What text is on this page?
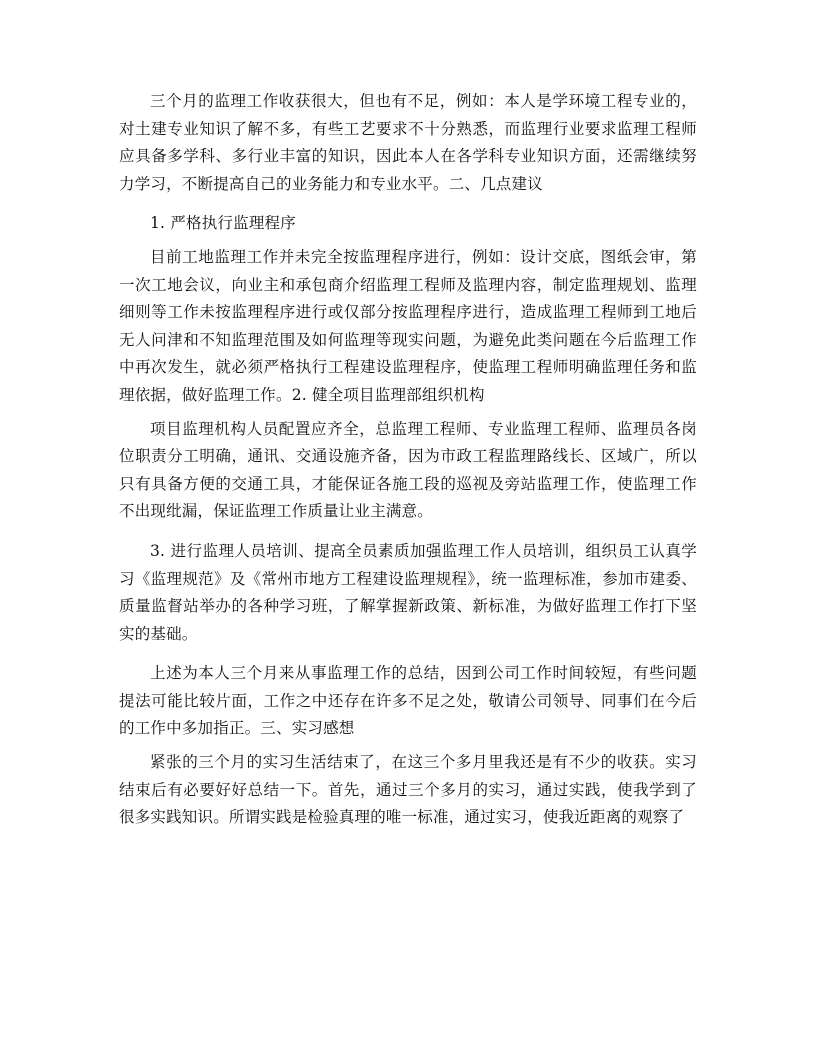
三个月的监理工作收获很大，但也有不足，例如：本人是学环境工程专业的，对土建专业知识了解不多，有些工艺要求不十分熟悉，而监理行业要求监理工程师应具备多学科、多行业丰富的知识，因此本人在各学科专业知识方面，还需继续努力学习，不断提高自己的业务能力和专业水平。二、几点建议

1. 严格执行监理程序

目前工地监理工作并未完全按监理程序进行，例如：设计交底，图纸会审，第一次工地会议，向业主和承包商介绍监理工程师及监理内容，制定监理规划、监理细则等工作未按监理程序进行或仅部分按监理程序进行，造成监理工程师到工地后无人问津和不知监理范围及如何监理等现实问题，为避免此类问题在今后监理工作中再次发生，就必须严格执行工程建设监理程序，使监理工程师明确监理任务和监理依据，做好监理工作。2. 健全项目监理部组织机构

项目监理机构人员配置应齐全，总监理工程师、专业监理工程师、监理员各岗位职责分工明确，通讯、交通设施齐备，因为市政工程监理路线长、区域广，所以只有具备方便的交通工具，才能保证各施工段的巡视及旁站监理工作，使监理工作不出现纰漏，保证监理工作质量让业主满意。

3. 进行监理人员培训、提高全员素质加强监理工作人员培训，组织员工认真学习《监理规范》及《常州市地方工程建设监理规程》，统一监理标准，参加市建委、质量监督站举办的各种学习班，了解掌握新政策、新标准，为做好监理工作打下坚实的基础。

上述为本人三个月来从事监理工作的总结，因到公司工作时间较短，有些问题提法可能比较片面，工作之中还存在许多不足之处，敬请公司领导、同事们在今后的工作中多加指正。三、实习感想

紧张的三个月的实习生活结束了，在这三个多月里我还是有不少的收获。实习结束后有必要好好总结一下。首先，通过三个多月的实习，通过实践，使我学到了很多实践知识。所谓实践是检验真理的唯一标准，通过实习，使我近距离的观察了
